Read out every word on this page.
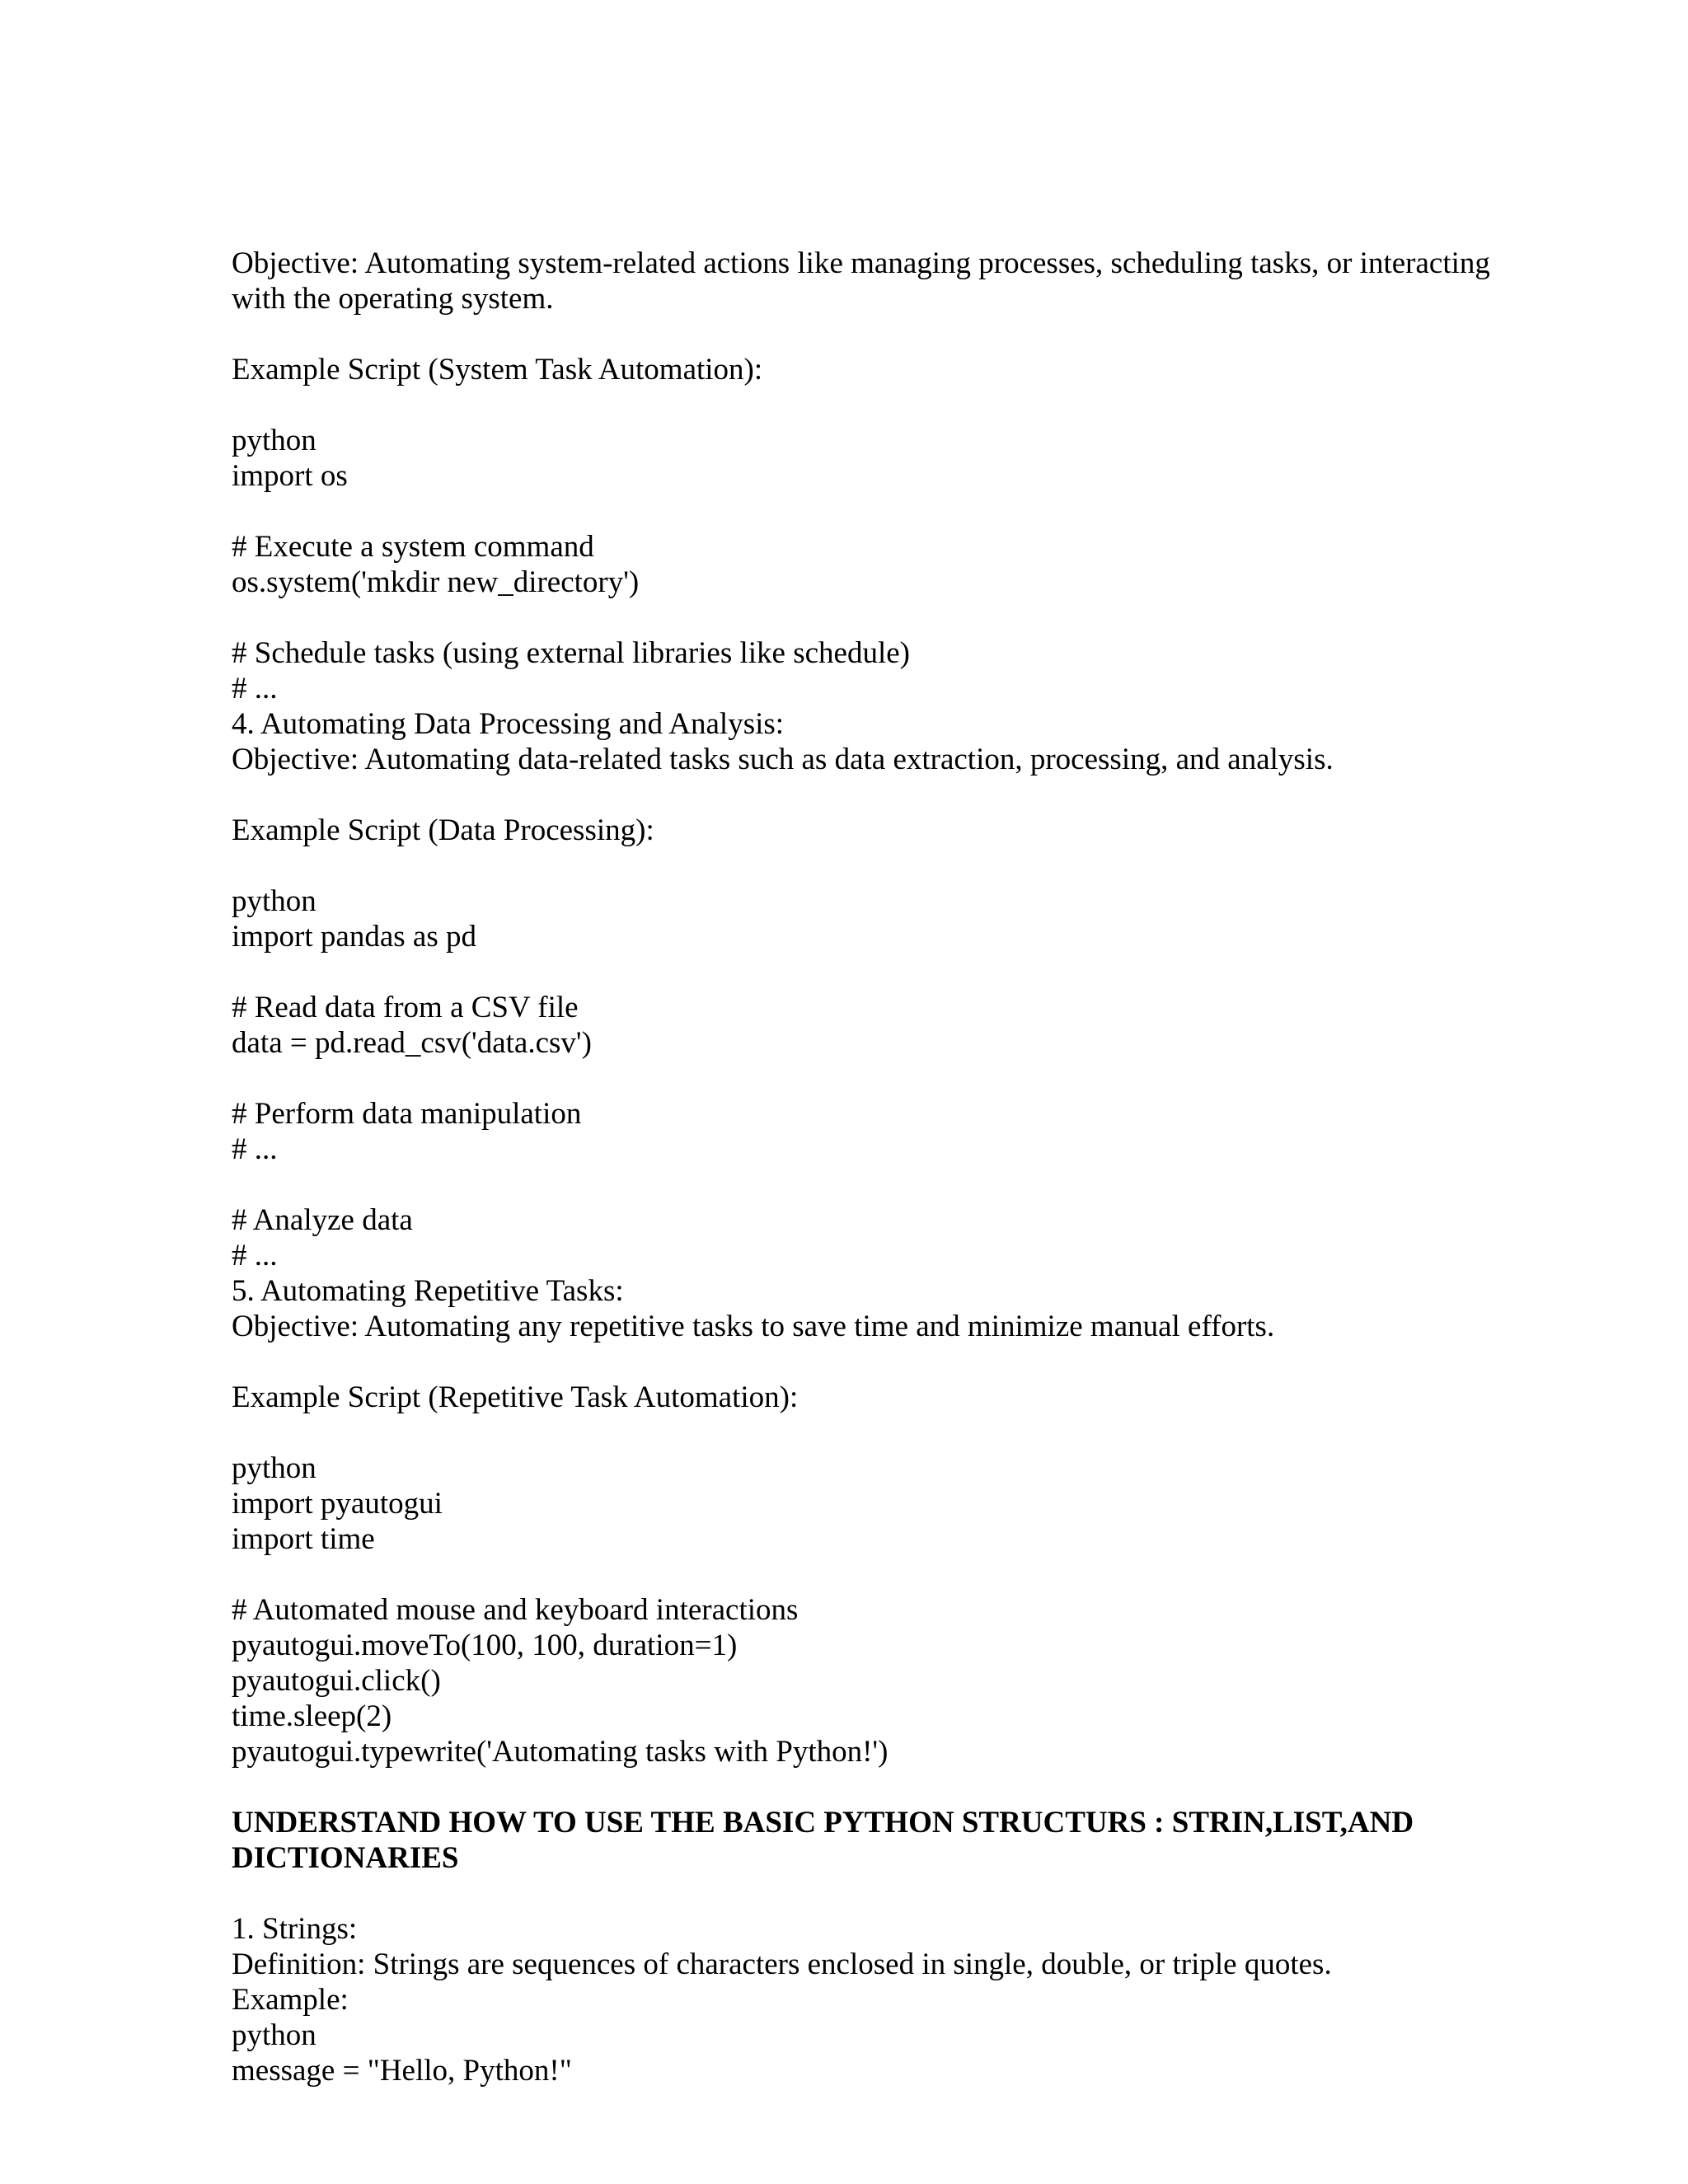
Objective: Automating system-related actions like managing processes, scheduling tasks, or interacting
with the operating system.
Example Script (System Task Automation):
python
import os
# Execute a system command
os.system('mkdir new_directory')
# Schedule tasks (using external libraries like schedule)
# ...
4. Automating Data Processing and Analysis:
Objective: Automating data-related tasks such as data extraction, processing, and analysis.
Example Script (Data Processing):
python
import pandas as pd
# Read data from a CSV file
data = pd.read_csv('data.csv')
# Perform data manipulation
# ...
# Analyze data
# ...
5. Automating Repetitive Tasks:
Objective: Automating any repetitive tasks to save time and minimize manual efforts.
Example Script (Repetitive Task Automation):
python
import pyautogui
import time
# Automated mouse and keyboard interactions
pyautogui.moveTo(100, 100, duration=1)
pyautogui.click()
time.sleep(2)
pyautogui.typewrite('Automating tasks with Python!')
UNDERSTAND HOW TO USE THE BASIC PYTHON STRUCTURS : STRIN,LIST,AND
DICTIONARIES
1. Strings:
Definition: Strings are sequences of characters enclosed in single, double, or triple quotes.
Example:
python
message = "Hello, Python!"
